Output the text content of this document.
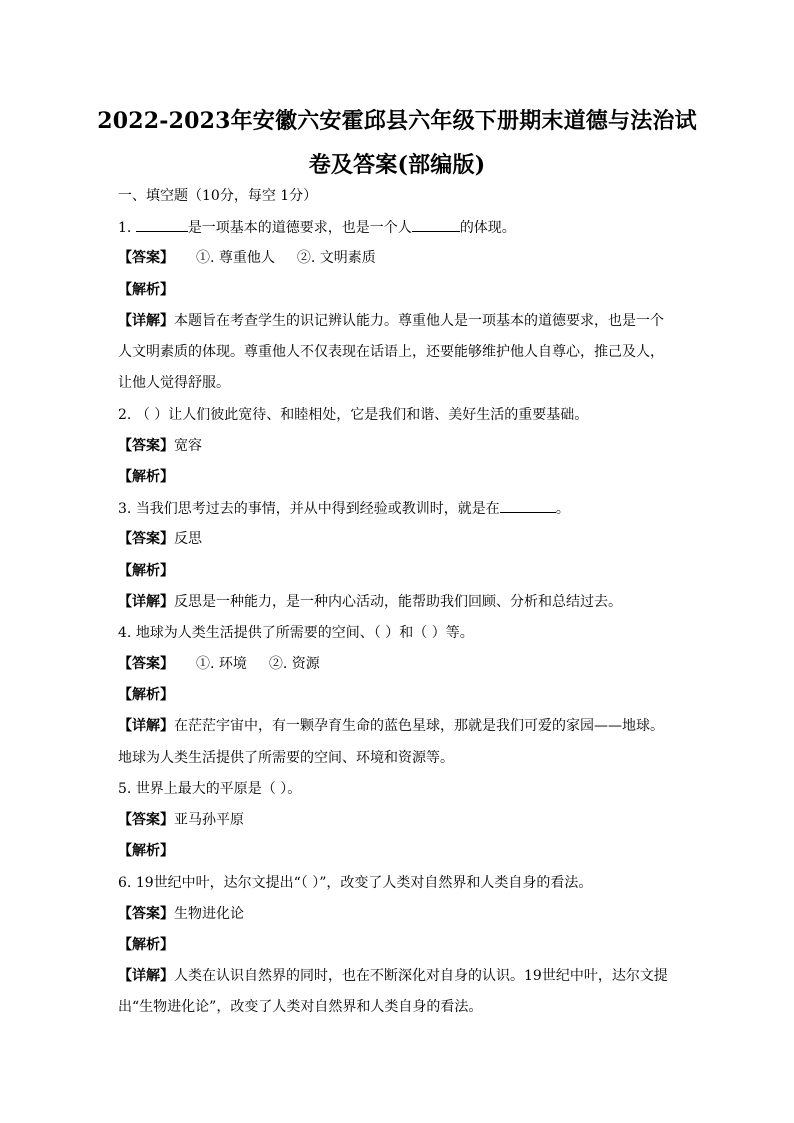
2022-2023年安徽六安霍邱县六年级下册期末道德与法治试
卷及答案(部编版)
一、填空题（10分，每空 1分）
1.	是一项基本的道德要求，也是一个人	的体现。
【答案】 ①. 尊重他人 ②. 文明素质
【解析】
【详解】本题旨在考查学生的识记辨认能力。尊重他人是一项基本的道德要求，也是一个
人文明素质的体现。尊重他人不仅表现在话语上，还要能够维护他人自尊心，推己及人，
让他人觉得舒服。
2. （ ）让人们彼此宽待、和睦相处，它是我们和谐、美好生活的重要基础。
【答案】宽容
【解析】
3. 当我们思考过去的事情，并从中得到经验或教训时，就是在	。
【答案】反思
【解析】
【详解】反思是一种能力，是一种内心活动，能帮助我们回顾、分析和总结过去。
4. 地球为人类生活提供了所需要的空间、（ ）和（ ）等。
【答案】 ①. 环境 ②. 资源
【解析】
【详解】在茫茫宇宙中，有一颗孕育生命的蓝色星球，那就是我们可爱的家园——地球。
地球为人类生活提供了所需要的空间、环境和资源等。
5. 世界上最大的平原是（ ）。
【答案】亚马孙平原
【解析】
6. 19世纪中叶，达尔文提出“（ ）”，改变了人类对自然界和人类自身的看法。
【答案】生物进化论
【解析】
【详解】人类在认识自然界的同时，也在不断深化对自身的认识。19世纪中叶，达尔文提
出“生物进化论”，改变了人类对自然界和人类自身的看法。
